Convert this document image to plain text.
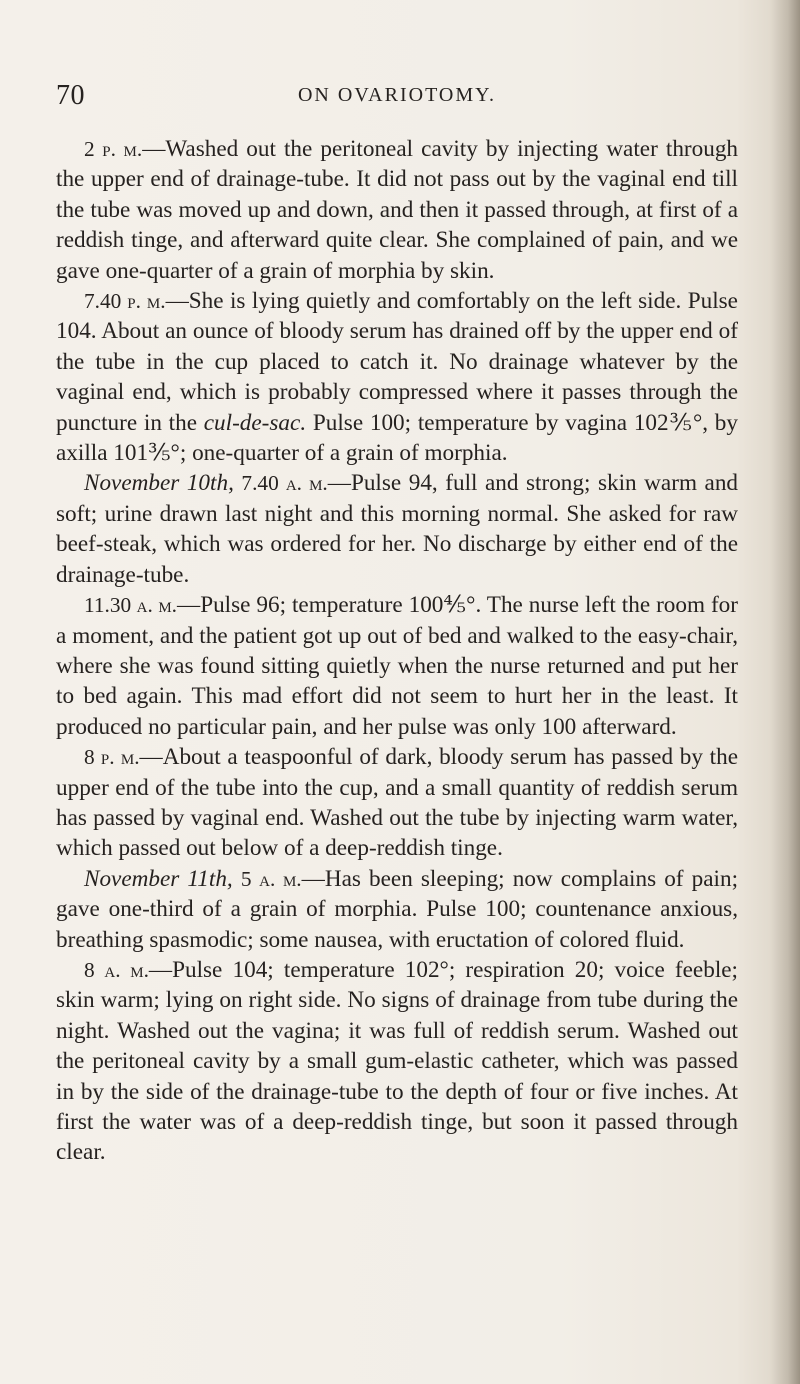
70	ON OVARIOTOMY.

2 p. m.—Washed out the peritoneal cavity by injecting water through the upper end of drainage-tube. It did not pass out by the vaginal end till the tube was moved up and down, and then it passed through, at first of a reddish tinge, and afterward quite clear. She complained of pain, and we gave one-quarter of a grain of morphia by skin.

7.40 p. m.—She is lying quietly and comfortably on the left side. Pulse 104. About an ounce of bloody serum has drained off by the upper end of the tube in the cup placed to catch it. No drainage whatever by the vaginal end, which is probably compressed where it passes through the puncture in the cul-de-sac. Pulse 100; temperature by vagina 102⅗°, by axilla 101⅗°; one-quarter of a grain of morphia.

November 10th, 7.40 a. m.—Pulse 94, full and strong; skin warm and soft; urine drawn last night and this morning normal. She asked for raw beef-steak, which was ordered for her. No discharge by either end of the drainage-tube.

11.30 a. m.—Pulse 96; temperature 100⅘°. The nurse left the room for a moment, and the patient got up out of bed and walked to the easy-chair, where she was found sitting quietly when the nurse returned and put her to bed again. This mad effort did not seem to hurt her in the least. It produced no particular pain, and her pulse was only 100 afterward.

8 p. m.—About a teaspoonful of dark, bloody serum has passed by the upper end of the tube into the cup, and a small quantity of reddish serum has passed by vaginal end. Washed out the tube by injecting warm water, which passed out below of a deep-reddish tinge.

November 11th, 5 a. m.—Has been sleeping; now complains of pain; gave one-third of a grain of morphia. Pulse 100; countenance anxious, breathing spasmodic; some nausea, with eructation of colored fluid.

8 a. m.—Pulse 104; temperature 102°; respiration 20; voice feeble; skin warm; lying on right side. No signs of drainage from tube during the night. Washed out the vagina; it was full of reddish serum. Washed out the peritoneal cavity by a small gum-elastic catheter, which was passed in by the side of the drainage-tube to the depth of four or five inches. At first the water was of a deep-reddish tinge, but soon it passed through clear.
